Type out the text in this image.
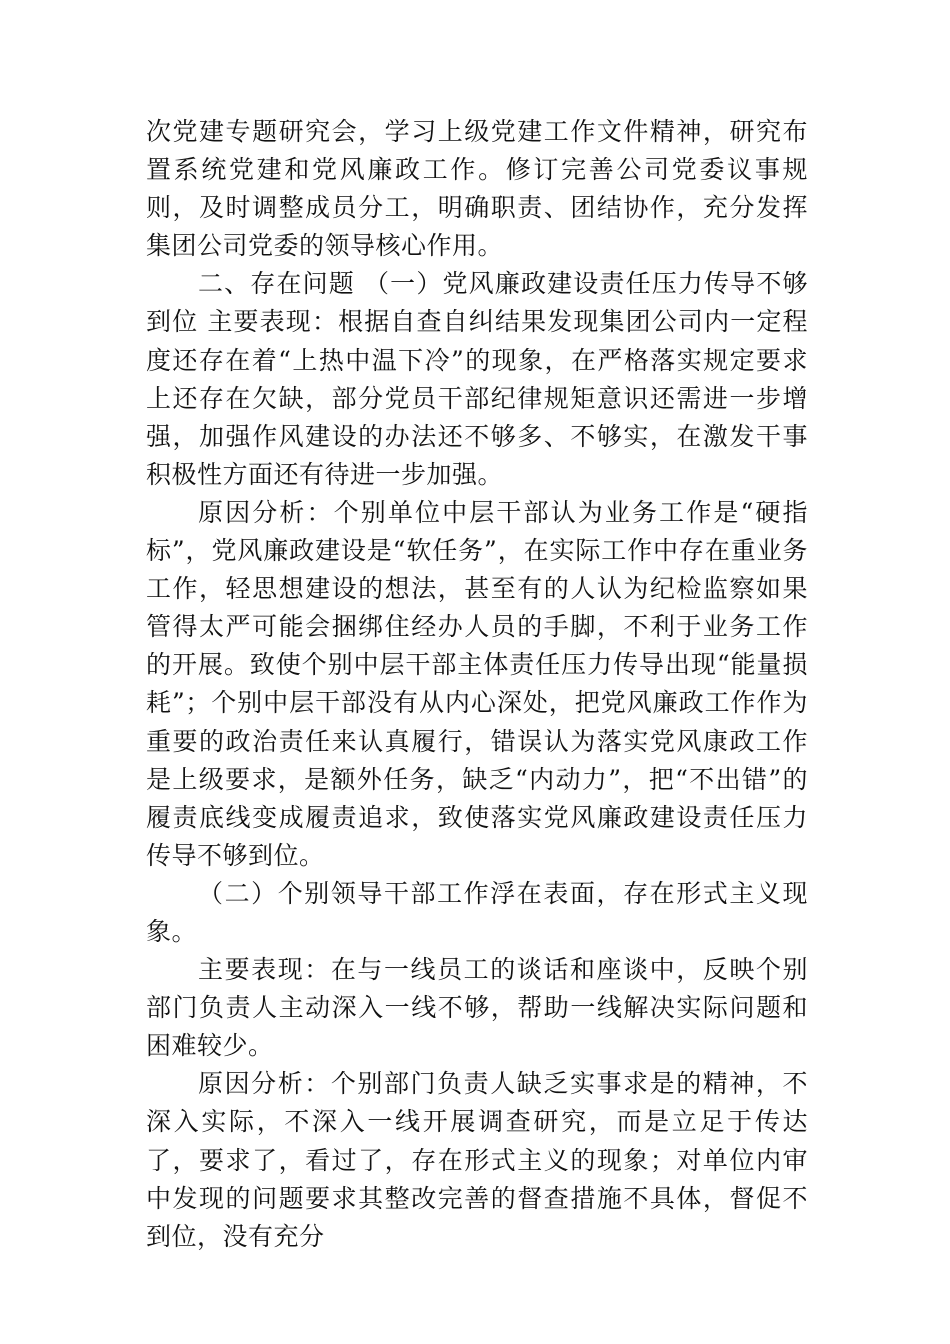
次党建专题研究会，学习上级党建工作文件精神，研究布置系统党建和党风廉政工作。修订完善公司党委议事规则，及时调整成员分工，明确职责、团结协作，充分发挥集团公司党委的领导核心作用。

二、存在问题 （一）党风廉政建设责任压力传导不够到位 主要表现：根据自查自纠结果发现集团公司内一定程度还存在着“上热中温下冷”的现象，在严格落实规定要求上还存在欠缺，部分党员干部纪律规矩意识还需进一步增强，加强作风建设的办法还不够多、不够实，在激发干事积极性方面还有待进一步加强。

原因分析：个别单位中层干部认为业务工作是“硬指标”，党风廉政建设是“软任务”，在实际工作中存在重业务工作，轻思想建设的想法，甚至有的人认为纪检监察如果管得太严可能会捆绑住经办人员的手脚，不利于业务工作的开展。致使个别中层干部主体责任压力传导出现“能量损耗”；个别中层干部没有从内心深处，把党风廉政工作作为重要的政治责任来认真履行，错误认为落实党风康政工作是上级要求，是额外任务，缺乏“内动力”，把“不出错”的履责底线变成履责追求，致使落实党风廉政建设责任压力传导不够到位。

（二）个别领导干部工作浮在表面，存在形式主义现象。

主要表现：在与一线员工的谈话和座谈中，反映个别部门负责人主动深入一线不够，帮助一线解决实际问题和困难较少。

原因分析：个别部门负责人缺乏实事求是的精神，不深入实际，不深入一线开展调查研究，而是立足于传达了，要求了，看过了，存在形式主义的现象；对单位内审中发现的问题要求其整改完善的督查措施不具体，督促不到位，没有充分
